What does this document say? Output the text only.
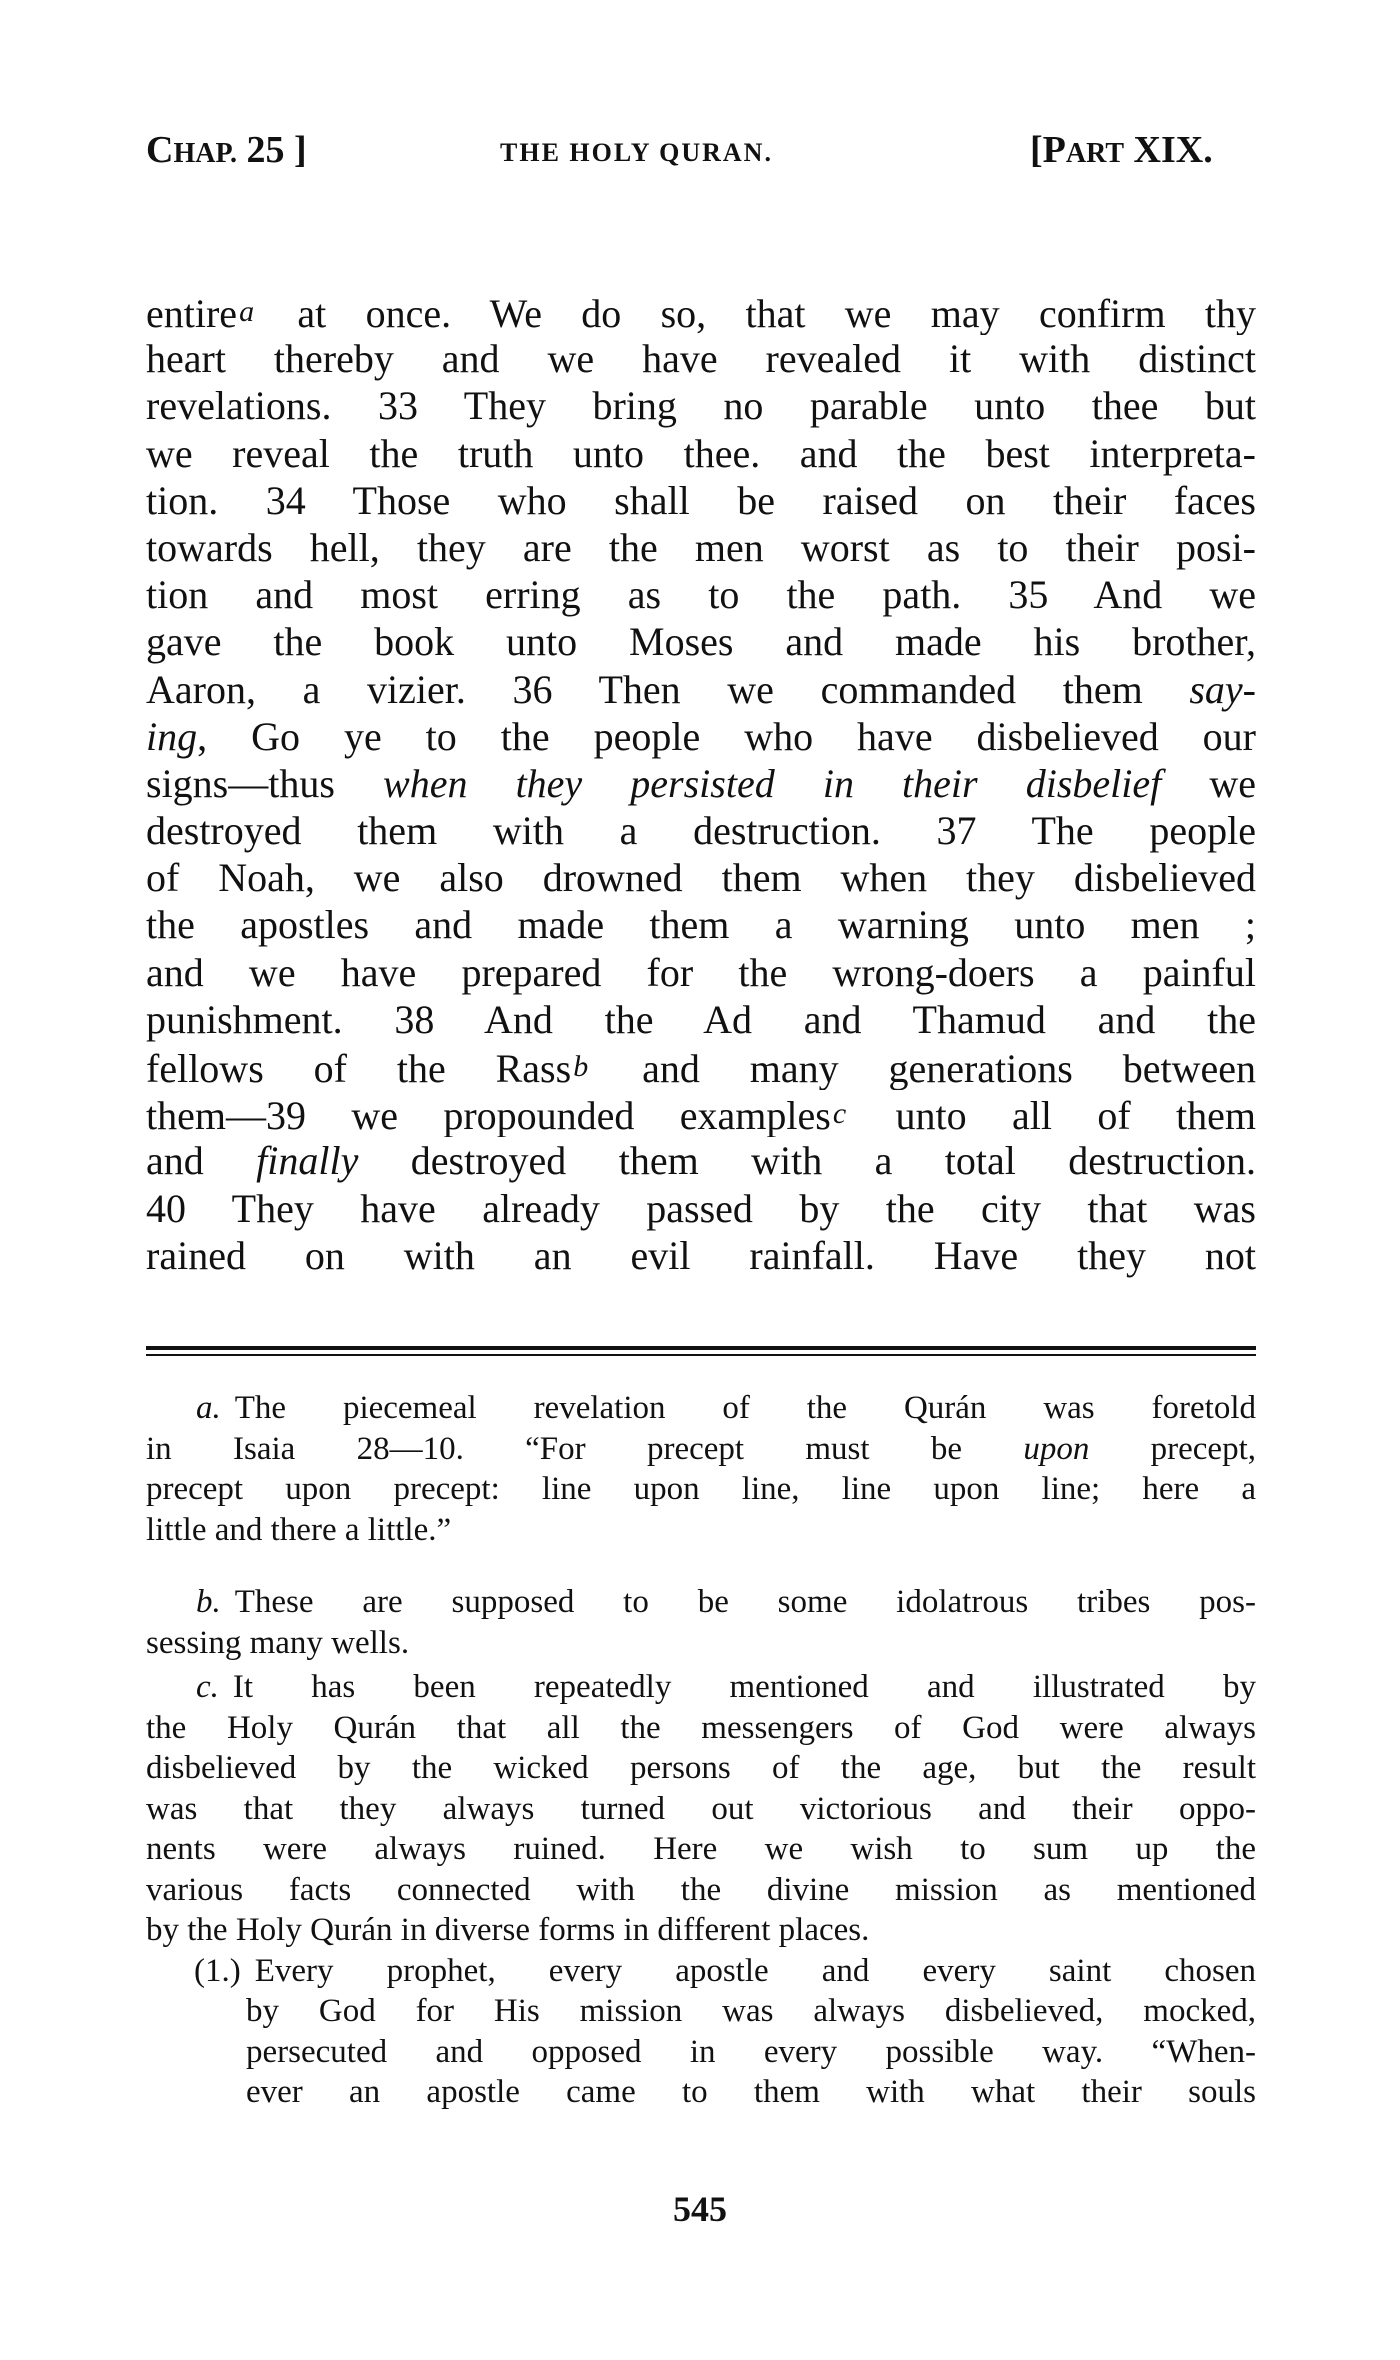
CHAP. 25 ]	THE HOLY QURAN.	[PART XIX.
entirea at once. We do so, that we may confirm thy
heart thereby and we have revealed it with distinct
revelations. 33 They bring no parable unto thee but
we reveal the truth unto thee. and the best interpreta-
tion. 34 Those who shall be raised on their faces
towards hell, they are the men worst as to their posi-
tion and most erring as to the path. 35 And we
gave the book unto Moses and made his brother,
Aaron, a vizier. 36 Then we commanded them say-
ing, Go ye to the people who have disbelieved our
signs—thus when they persisted in their disbelief we
destroyed them with a destruction. 37 The people
of Noah, we also drowned them when they disbelieved
the apostles and made them a warning unto men ;
and we have prepared for the wrong-doers a painful
punishment. 38 And the Ad and Thamud and the
fellows of the Rassb and many generations between
them—39 we propounded examplesc unto all of them
and finally destroyed them with a total destruction.
40 They have already passed by the city that was
rained on with an evil rainfall. Have they not
a. The piecemeal revelation of the Qurán was foretold
in Isaia 28—10. “For precept must be upon precept,
precept upon precept: line upon line, line upon line; here a
little and there a little.”
b. These are supposed to be some idolatrous tribes pos-
sessing many wells.
c. It has been repeatedly mentioned and illustrated by
the Holy Qurán that all the messengers of God were always
disbelieved by the wicked persons of the age, but the result
was that they always turned out victorious and their oppo-
nents were always ruined. Here we wish to sum up the
various facts connected with the divine mission as mentioned
by the Holy Qurán in diverse forms in different places.
(1.) Every prophet, every apostle and every saint chosen
by God for His mission was always disbelieved, mocked,
persecuted and opposed in every possible way. “When-
ever an apostle came to them with what their souls
545
